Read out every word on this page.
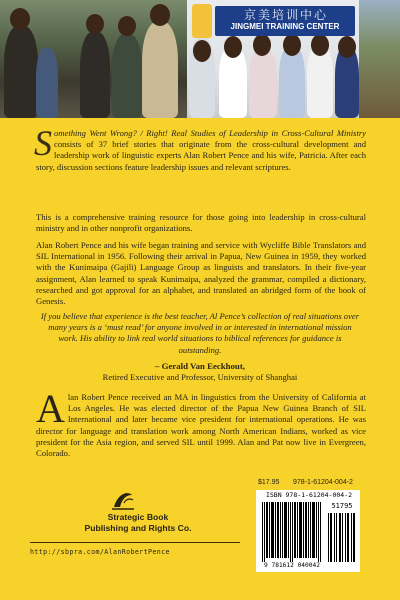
京美培训中心
JINGMEI TRAINING CENTER
Something Went Wrong? / Right! Real Studies of Leadership in Cross-Cultural Ministry consists of 37 brief stories that originate from the cross-cultural development and leadership work of linguistic experts Alan Robert Pence and his wife, Patricia. After each story, discussion sections feature leadership issues and relevant scriptures.
This is a comprehensive training resource for those going into leadership in cross-cultural ministry and in other nonprofit organizations.
Alan Robert Pence and his wife began training and service with Wycliffe Bible Translators and SIL International in 1956. Following their arrival in Papua, New Guinea in 1959, they worked with the Kunimaipa (Gajili) Language Group as linguists and translators. In their five-year assignment, Alan learned to speak Kunimaipa, analyzed the grammar, compiled a dictionary, researched and got approval for an alphabet, and translated an abridged form of the book of Genesis.
If you believe that experience is the best teacher, Al Pence’s collection of real situations over many years is a ‘must read’ for anyone involved in or interested in international mission work. His ability to link real world situations to biblical references for guidance is outstanding.
– Gerald Van Eeckhout,
Retired Executive and Professor, University of Shanghai
Alan Robert Pence received an MA in linguistics from the University of California at Los Angeles. He was elected director of the Papua New Guinea Branch of SIL International and later became vice president for international operations. He was director for language and translation work among North American Indians, worked as vice president for the Asia region, and served SIL until 1999. Alan and Pat now live in Evergreen, Colorado.
Strategic Book
Publishing and Rights Co.
http://sbpra.com/AlanRobertPence
$17.95 978-1-61204-004-2
ISBN 978-1-61204-004-2
51795
9 781612 040042
